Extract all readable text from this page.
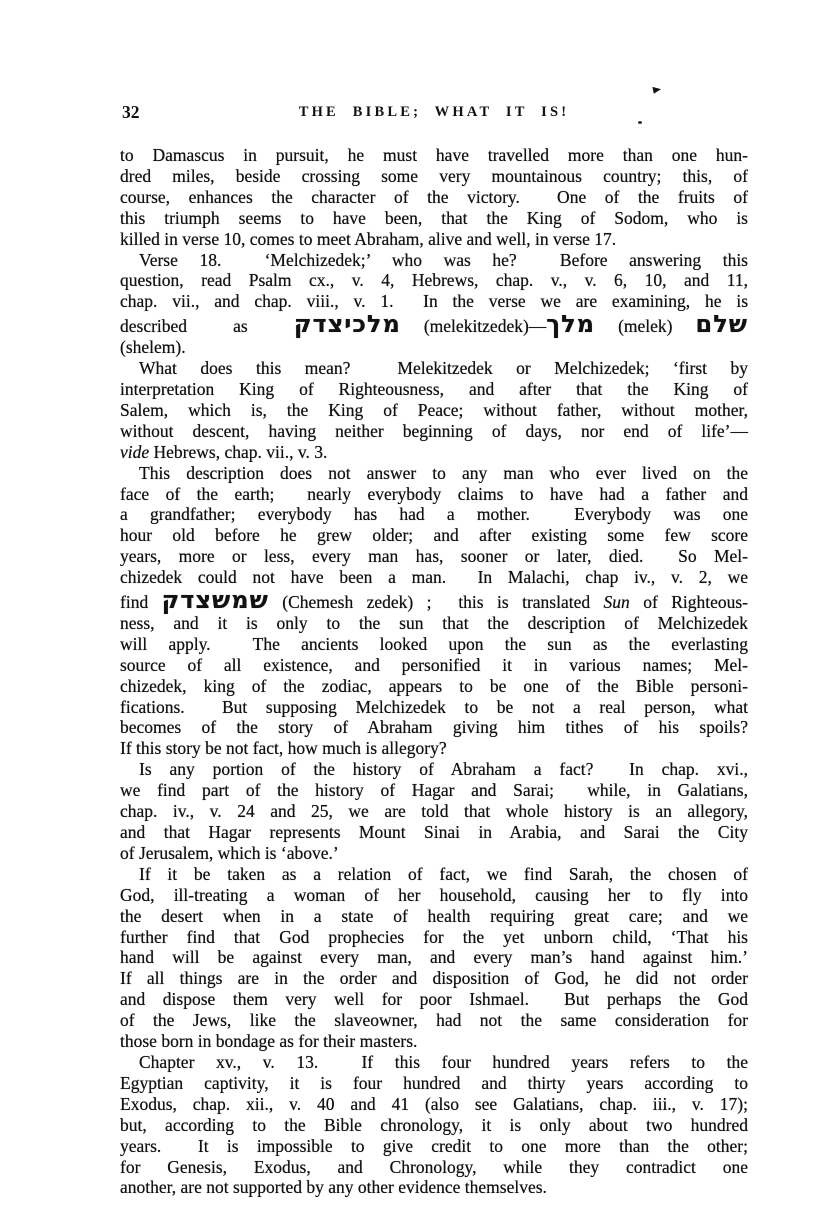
32	THE BIBLE; WHAT IT IS!
to Damascus in pursuit, he must have travelled more than one hun-
dred miles, beside crossing some very mountainous country; this, of
course, enhances the character of the victory.  One of the fruits of
this triumph seems to have been, that the King of Sodom, who is
killed in verse 10, comes to meet Abraham, alive and well, in verse 17.
Verse 18.  ‘Melchizedek;’ who was he?  Before answering this
question, read Psalm cx., v. 4, Hebrews, chap. v., v. 6, 10, and 11,
chap. vii., and chap. viii., v. 1.  In the verse we are examining, he is
described  as  מלכיצדק (melekitzedek)—מלך (melek) שלם
(shelem).
What does this mean?  Melekitzedek or Melchizedek; ‘first by
interpretation King of Righteousness, and after that the King of
Salem, which is, the King of Peace; without father, without mother,
without descent, having neither beginning of days, nor end of life’—
vide Hebrews, chap. vii., v. 3.
This description does not answer to any man who ever lived on the
face of the earth;  nearly everybody claims to have had a father and
a grandfather; everybody has had a mother.  Everybody was one
hour old before he grew older; and after existing some few score
years, more or less, every man has, sooner or later, died.  So Mel-
chizedek could not have been a man.  In Malachi, chap iv., v. 2, we
find שמשצדק (Chemesh zedek) ;  this is translated Sun of Righteous-
ness, and it is only to the sun that the description of Melchizedek
will apply.  The ancients looked upon the sun as the everlasting
source of all existence, and personified it in various names; Mel-
chizedek, king of the zodiac, appears to be one of the Bible personi-
fications.  But supposing Melchizedek to be not a real person, what
becomes of the story of Abraham giving him tithes of his spoils?
If this story be not fact, how much is allegory?
Is any portion of the history of Abraham a fact?  In chap. xvi.,
we find part of the history of Hagar and Sarai;  while, in Galatians,
chap. iv., v. 24 and 25, we are told that whole history is an allegory,
and that Hagar represents Mount Sinai in Arabia, and Sarai the City
of Jerusalem, which is ‘above.’
If it be taken as a relation of fact, we find Sarah, the chosen of
God, ill-treating a woman of her household, causing her to fly into
the desert when in a state of health requiring great care; and we
further find that God prophecies for the yet unborn child, ‘That his
hand will be against every man, and every man’s hand against him.’
If all things are in the order and disposition of God, he did not order
and dispose them very well for poor Ishmael.  But perhaps the God
of the Jews, like the slaveowner, had not the same consideration for
those born in bondage as for their masters.
Chapter xv., v. 13.  If this four hundred years refers to the
Egyptian captivity, it is four hundred and thirty years according to
Exodus, chap. xii., v. 40 and 41 (also see Galatians, chap. iii., v. 17);
but, according to the Bible chronology, it is only about two hundred
years.  It is impossible to give credit to one more than the other;
for Genesis, Exodus, and Chronology, while they contradict one
another, are not supported by any other evidence themselves.
